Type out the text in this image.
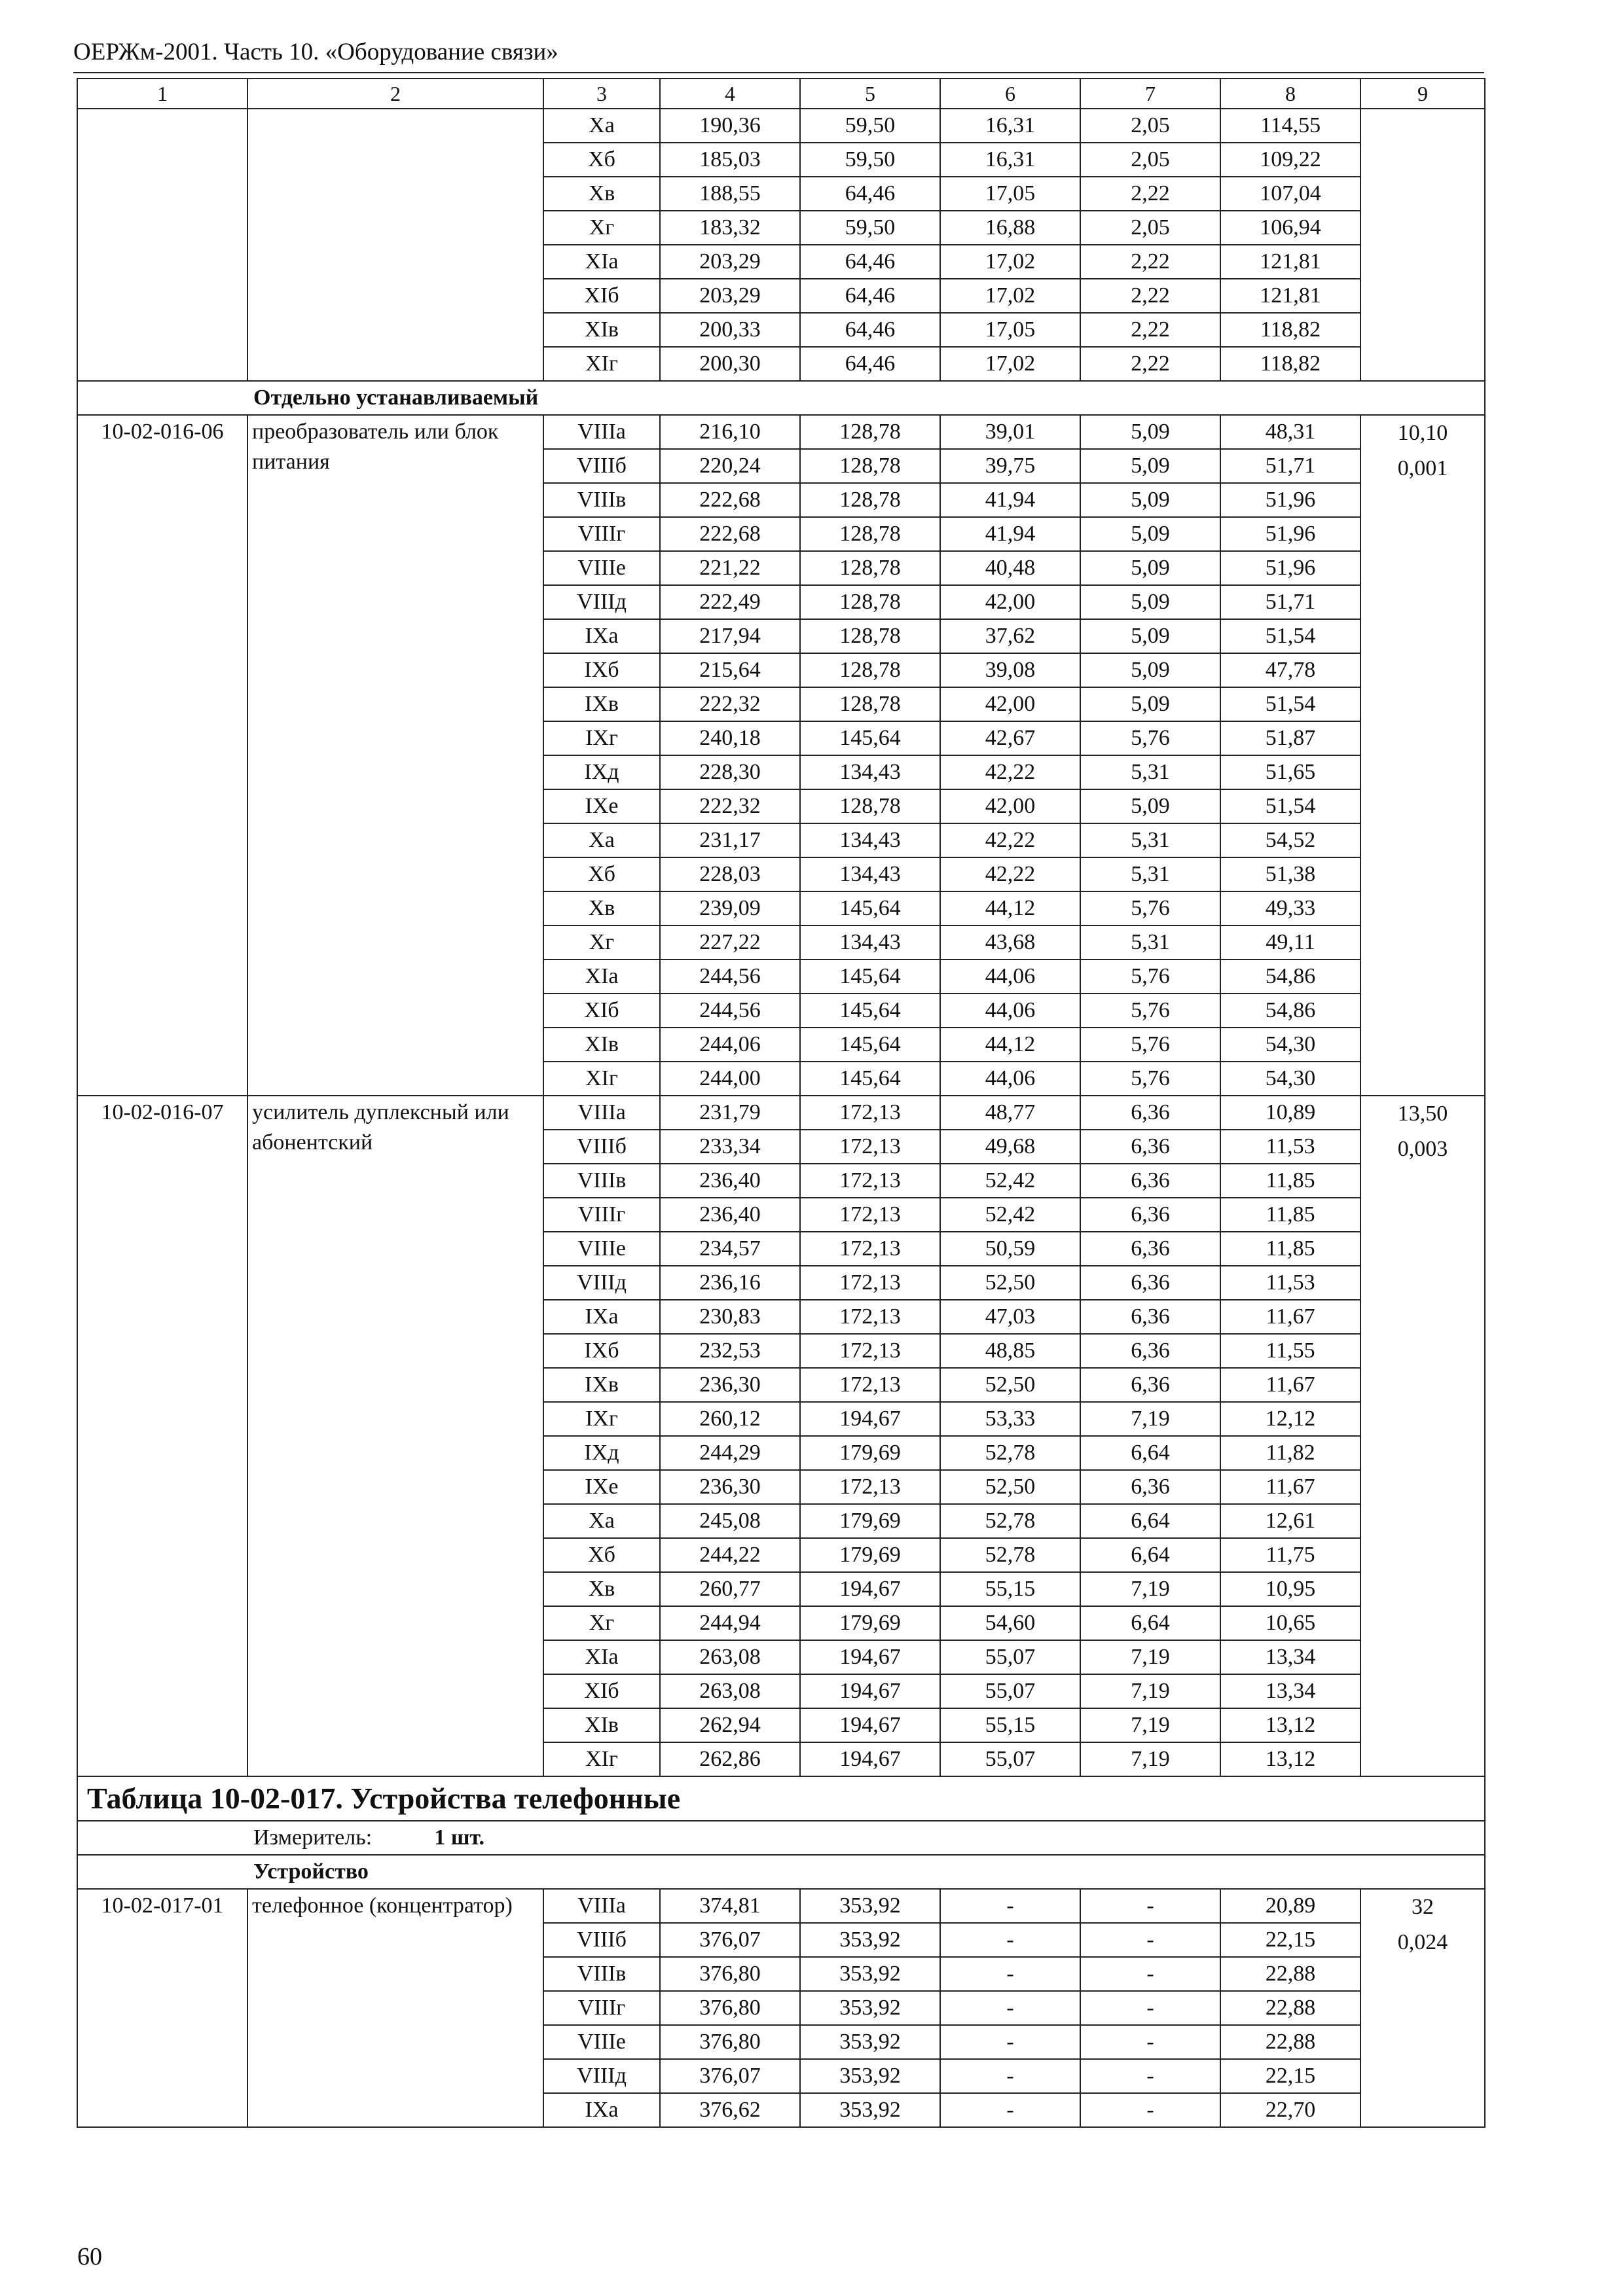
ОЕРЖм-2001. Часть 10. «Оборудование связи»
1	2	3	4	5	6	7	8	9
		Xа	190,36	59,50	16,31	2,05	114,55	
		Xб	185,03	59,50	16,31	2,05	109,22	
		Xв	188,55	64,46	17,05	2,22	107,04	
		Xг	183,32	59,50	16,88	2,05	106,94	
		XIа	203,29	64,46	17,02	2,22	121,81	
		XIб	203,29	64,46	17,02	2,22	121,81	
		XIв	200,33	64,46	17,05	2,22	118,82	
		XIг	200,30	64,46	17,02	2,22	118,82	
Отдельно устанавливаемый								
10-02-016-06	преобразователь или блок питания	VIIIа	216,10	128,78	39,01	5,09	48,31	10,10
0,001

		VIIIб	220,24	128,78	39,75	5,09	51,71	
		VIIIв	222,68	128,78	41,94	5,09	51,96	
		VIIIг	222,68	128,78	41,94	5,09	51,96	
		VIIIе	221,22	128,78	40,48	5,09	51,96	
		VIIIд	222,49	128,78	42,00	5,09	51,71	
		IXа	217,94	128,78	37,62	5,09	51,54	
		IXб	215,64	128,78	39,08	5,09	47,78	
		IXв	222,32	128,78	42,00	5,09	51,54	
		IXг	240,18	145,64	42,67	5,76	51,87	
		IXд	228,30	134,43	42,22	5,31	51,65	
		IXе	222,32	128,78	42,00	5,09	51,54	
		Xа	231,17	134,43	42,22	5,31	54,52	
		Xб	228,03	134,43	42,22	5,31	51,38	
		Xв	239,09	145,64	44,12	5,76	49,33	
		Xг	227,22	134,43	43,68	5,31	49,11	
		XIа	244,56	145,64	44,06	5,76	54,86	
		XIб	244,56	145,64	44,06	5,76	54,86	
		XIв	244,06	145,64	44,12	5,76	54,30	
		XIг	244,00	145,64	44,06	5,76	54,30	
10-02-016-07	усилитель дуплексный или абонентский	VIIIа	231,79	172,13	48,77	6,36	10,89	13,50
0,003

		VIIIб	233,34	172,13	49,68	6,36	11,53	
		VIIIв	236,40	172,13	52,42	6,36	11,85	
		VIIIг	236,40	172,13	52,42	6,36	11,85	
		VIIIе	234,57	172,13	50,59	6,36	11,85	
		VIIIд	236,16	172,13	52,50	6,36	11,53	
		IXа	230,83	172,13	47,03	6,36	11,67	
		IXб	232,53	172,13	48,85	6,36	11,55	
		IXв	236,30	172,13	52,50	6,36	11,67	
		IXг	260,12	194,67	53,33	7,19	12,12	
		IXд	244,29	179,69	52,78	6,64	11,82	
		IXе	236,30	172,13	52,50	6,36	11,67	
		Xа	245,08	179,69	52,78	6,64	12,61	
		Xб	244,22	179,69	52,78	6,64	11,75	
		Xв	260,77	194,67	55,15	7,19	10,95	
		Xг	244,94	179,69	54,60	6,64	10,65	
		XIа	263,08	194,67	55,07	7,19	13,34	
		XIб	263,08	194,67	55,07	7,19	13,34	
		XIв	262,94	194,67	55,15	7,19	13,12	
		XIг	262,86	194,67	55,07	7,19	13,12	
Таблица 10-02-017. Устройства телефонные								
Измеритель: 1 шт.								
Устройство								
10-02-017-01	телефонное (концентратор)	VIIIа	374,81	353,92	-	-	20,89	32
0,024

		VIIIб	376,07	353,92	-	-	22,15	
		VIIIв	376,80	353,92	-	-	22,88	
		VIIIг	376,80	353,92	-	-	22,88	
		VIIIе	376,80	353,92	-	-	22,88	
		VIIIд	376,07	353,92	-	-	22,15	
		IXа	376,62	353,92	-	-	22,70	
60
